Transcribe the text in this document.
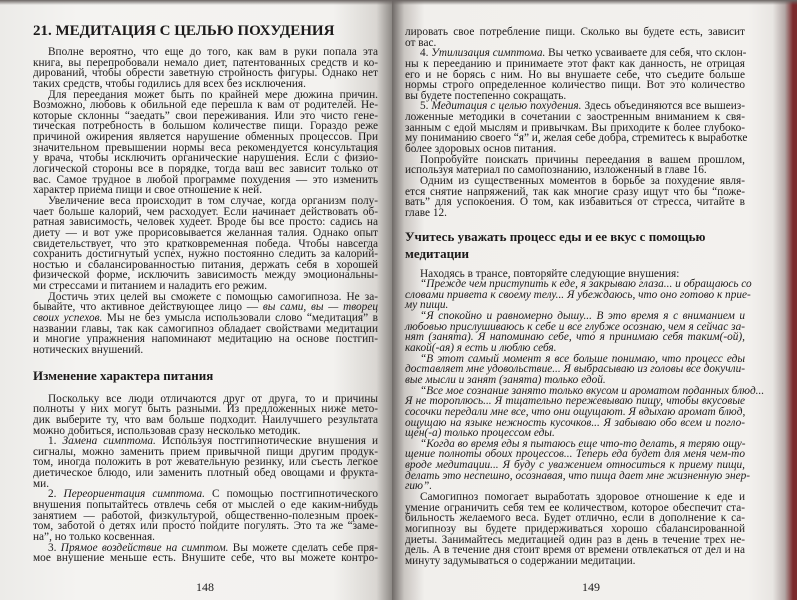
21. МЕДИТАЦИЯ С ЦЕЛЬЮ ПОХУДЕНИЯ
Вполне вероятно, что еще до того, как вам в руки попала эта
книга, вы перепробовали немало диет, патентованных средств и ко-
дирований, чтобы обрести заветную стройность фигуры. Однако нет
таких средств, чтобы годились для всех без исключения.
Для переедания может быть по крайней мере дюжина причин.
Возможно, любовь к обильной еде перешла к вам от родителей. Не-
которые склонны “заедать” свои переживания. Или это чисто гене-
тическая потребность в большом количестве пищи. Гораздо реже
причиной ожирения является нарушение обменных процессов. При
значительном превышении нормы веса рекомендуется консультация
у врача, чтобы исключить органические нарушения. Если с физио-
логической стороны все в порядке, тогда ваш вес зависит только от
вас. Самое трудное в любой программе похудения — это изменить
характер приема пищи и свое отношение к ней.
Увеличение веса происходит в том случае, когда организм полу-
чает больше калорий, чем расходует. Если начинает действовать об-
ратная зависимость, человек худеет. Вроде бы все просто: садись на
диету — и вот уже прорисовывается желанная талия. Однако опыт
свидетельствует, что это кратковременная победа. Чтобы навсегда
сохранить достигнутый успех, нужно постоянно следить за калорий-
ностью и сбалансированностью питания, держать себя в хорошей
физической форме, исключить зависимость между эмоциональны-
ми стрессами и питанием и наладить его режим.
Достичь этих целей вы сможете с помощью самогипноза. Не за-
бывайте, что активное действующее лицо — вы сами, вы — творец
своих успехов. Мы не без умысла использовали слово “медитация” в
названии главы, так как самогипноз обладает свойствами медитации
и многие упражнения напоминают медитацию на основе постгип-
нотических внушений.
Изменение характера питания
Поскольку все люди отличаются друг от друга, то и причины
полноты у них могут быть разными. Из предложенных ниже мето-
дик выберите ту, что вам больше подходит. Наилучшего результата
можно добиться, использовав сразу несколько методик.
1. Замена симптома. Используя постгипнотические внушения и
сигналы, можно заменить прием привычной пищи другим продук-
том, иногда положить в рот жевательную резинку, или съесть легкое
диетическое блюдо, или заменить плотный обед овощами и фрукта-
ми.
2. Переориентация симптома. С помощью постгипнотического
внушения попытайтесь отвлечь себя от мыслей о еде каким-нибудь
занятием — работой, физкультурой, общественно-полезным проек-
том, заботой о детях или просто пойдите погулять. Это та же “заме-
на”, но только косвенная.
3. Прямое воздействие на симптом. Вы можете сделать себе пря-
мое внушение меньше есть. Внушите себе, что вы можете контро-
лировать свое потребление пищи. Сколько вы будете есть, зависит
от вас.
4. Утилизация симптома. Вы четко усваиваете для себя, что склон-
ны к перееданию и принимаете этот факт как данность, не отрицая
его и не борясь с ним. Но вы внушаете себе, что съедите больше
нормы строго определенное количество пищи. Вот это количество
вы будете постепенно сокращать.
5. Медитация с целью похудения. Здесь объединяются все вышеиз-
ложенные методики в сочетании с заостренным вниманием к свя-
занным с едой мыслям и привычкам. Вы приходите к более глубоко-
му пониманию своего “я” и, желая себе добра, стремитесь к выработке
более здоровых основ питания.
Попробуйте поискать причины переедания в вашем прошлом,
используя материал по самопознанию, изложенный в главе 16.
Одним из существенных моментов в борьбе за похудение явля-
ется снятие напряжений, так как многие сразу ищут что бы “поже-
вать” для успокоения. О том, как избавиться от стресса, читайте в
главе 12.
Учитесь уважать процесс еды и ее вкус с помощью
медитации
Находясь в трансе, повторяйте следующие внушения:
“Прежде чем приступить к еде, я закрываю глаза... и обращаюсь со
словами привета к своему телу... Я убеждаюсь, что оно готово к прие-
му пищи.
“Я спокойно и равномерно дышу... В это время я с вниманием и
любовью прислушиваюсь к себе и все глубже осознаю, чем я сейчас за-
нят (занята). Я напоминаю себе, что я принимаю себя таким(-ой),
какой(-ая) я есть и люблю себя.
“В этот самый момент я все больше понимаю, что процесс еды
доставляет мне удовольствие... Я выбрасываю из головы все докучли-
вые мысли и занят (занята) только едой.
“Все мое сознание занято только вкусом и ароматом поданных блюд...
Я не тороплюсь... Я тщательно пережевываю пищу, чтобы вкусовые
сосочки передали мне все, что они ощущают. Я вдыхаю аромат блюд,
ощущаю на языке нежность кусочков... Я забываю обо всем и погло-
щен(-а) только процессом еды.
“Когда во время еды я пытаюсь еще что-то делать, я теряю ощу-
щение полноты обоих процессов... Теперь еда будет для меня чем-то
вроде медитации... Я буду с уважением относиться к приему пищи,
делать это неспешно, осознавая, что пища дает мне жизненную энер-
гию”.
Самогипноз помогает выработать здоровое отношение к еде и
умение ограничить себя тем ее количеством, которое обеспечит ста-
бильность желаемого веса. Будет отлично, если в дополнение к са-
могипнозу вы будете придерживаться хорошо сбалансированной
диеты. Занимайтесь медитацией один раз в день в течение трех не-
дель. А в течение дня стоит время от времени отвлекаться от дел и на
минуту задумываться о содержании медитации.
148	149
